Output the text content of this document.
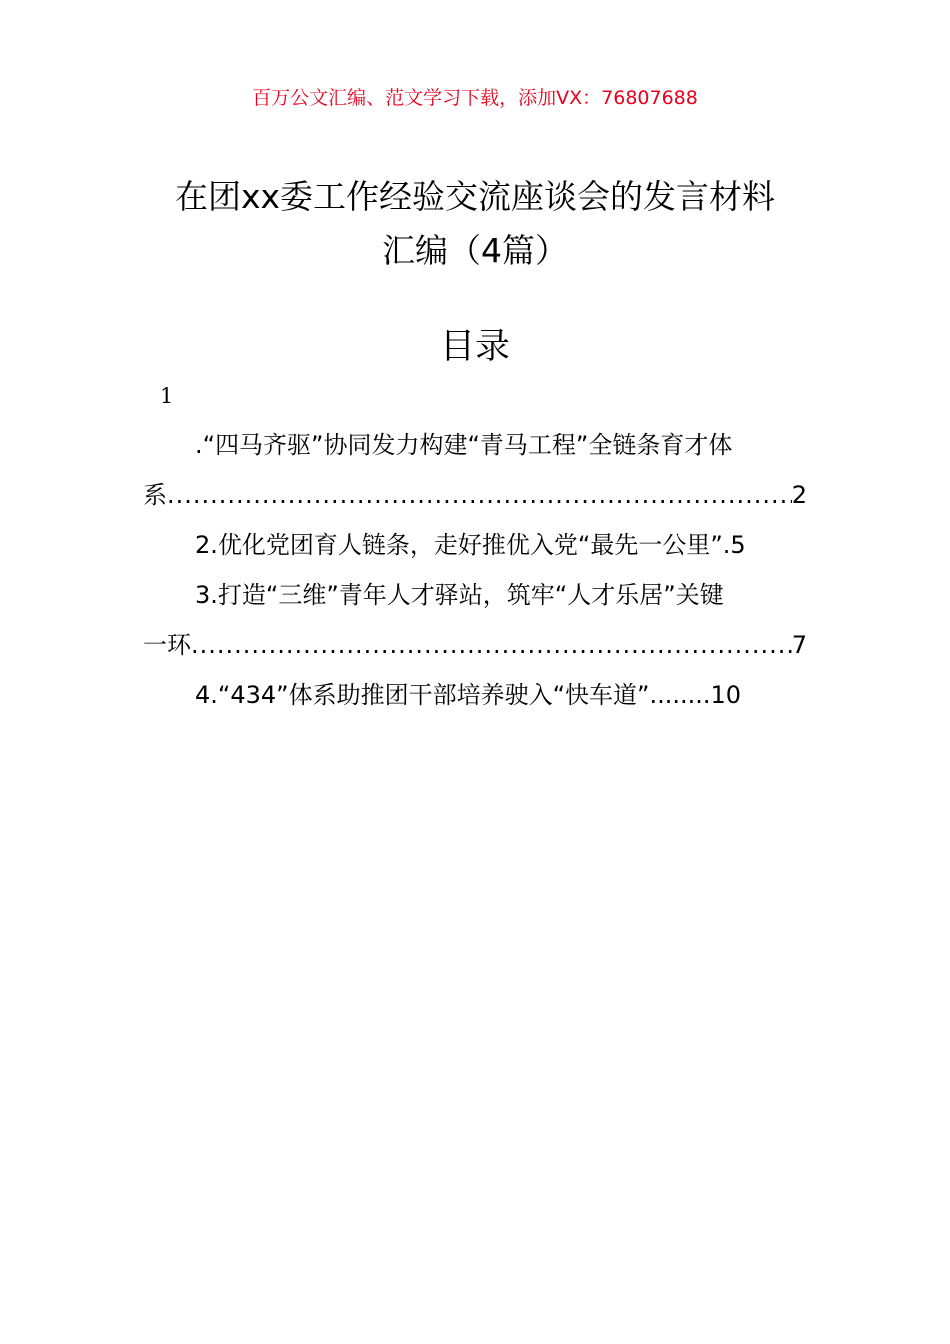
百万公文汇编、范文学习下载，添加VX：76807688
在团xx委工作经验交流座谈会的发言材料
汇编（4篇）
目录
1
.“四马齐驱”协同发力构建“青马工程”全链条育才体
系 .....	2
2.优化党团育人链条，走好推优入党“最先一公里” .5
3.打造“三维”青年人才驿站，筑牢“人才乐居”关键
一环 .....	7
4.“434”体系助推团干部培养驶入“快车道” ........ 10
